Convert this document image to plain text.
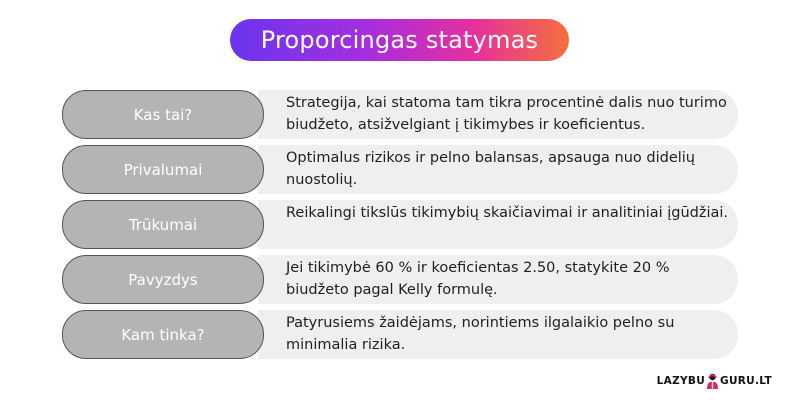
Proporcingas statymas
Kas tai?
Strategija, kai statoma tam tikra procentinė dalis nuo turimo biudžeto, atsižvelgiant į tikimybes ir koeficientus.
Privalumai
Optimalus rizikos ir pelno balansas, apsauga nuo didelių nuostolių.
Trūkumai
Reikalingi tikslūs tikimybių skaičiavimai ir analitiniai įgūdžiai.
Pavyzdys
Jei tikimybė 60 % ir koeficientas 2.50, statykite 20 % biudžeto pagal Kelly formulę.
Kam tinka?
Patyrusiems žaidėjams, norintiems ilgalaikio pelno su minimalia rizika.
LAZYBU GURU.LT
